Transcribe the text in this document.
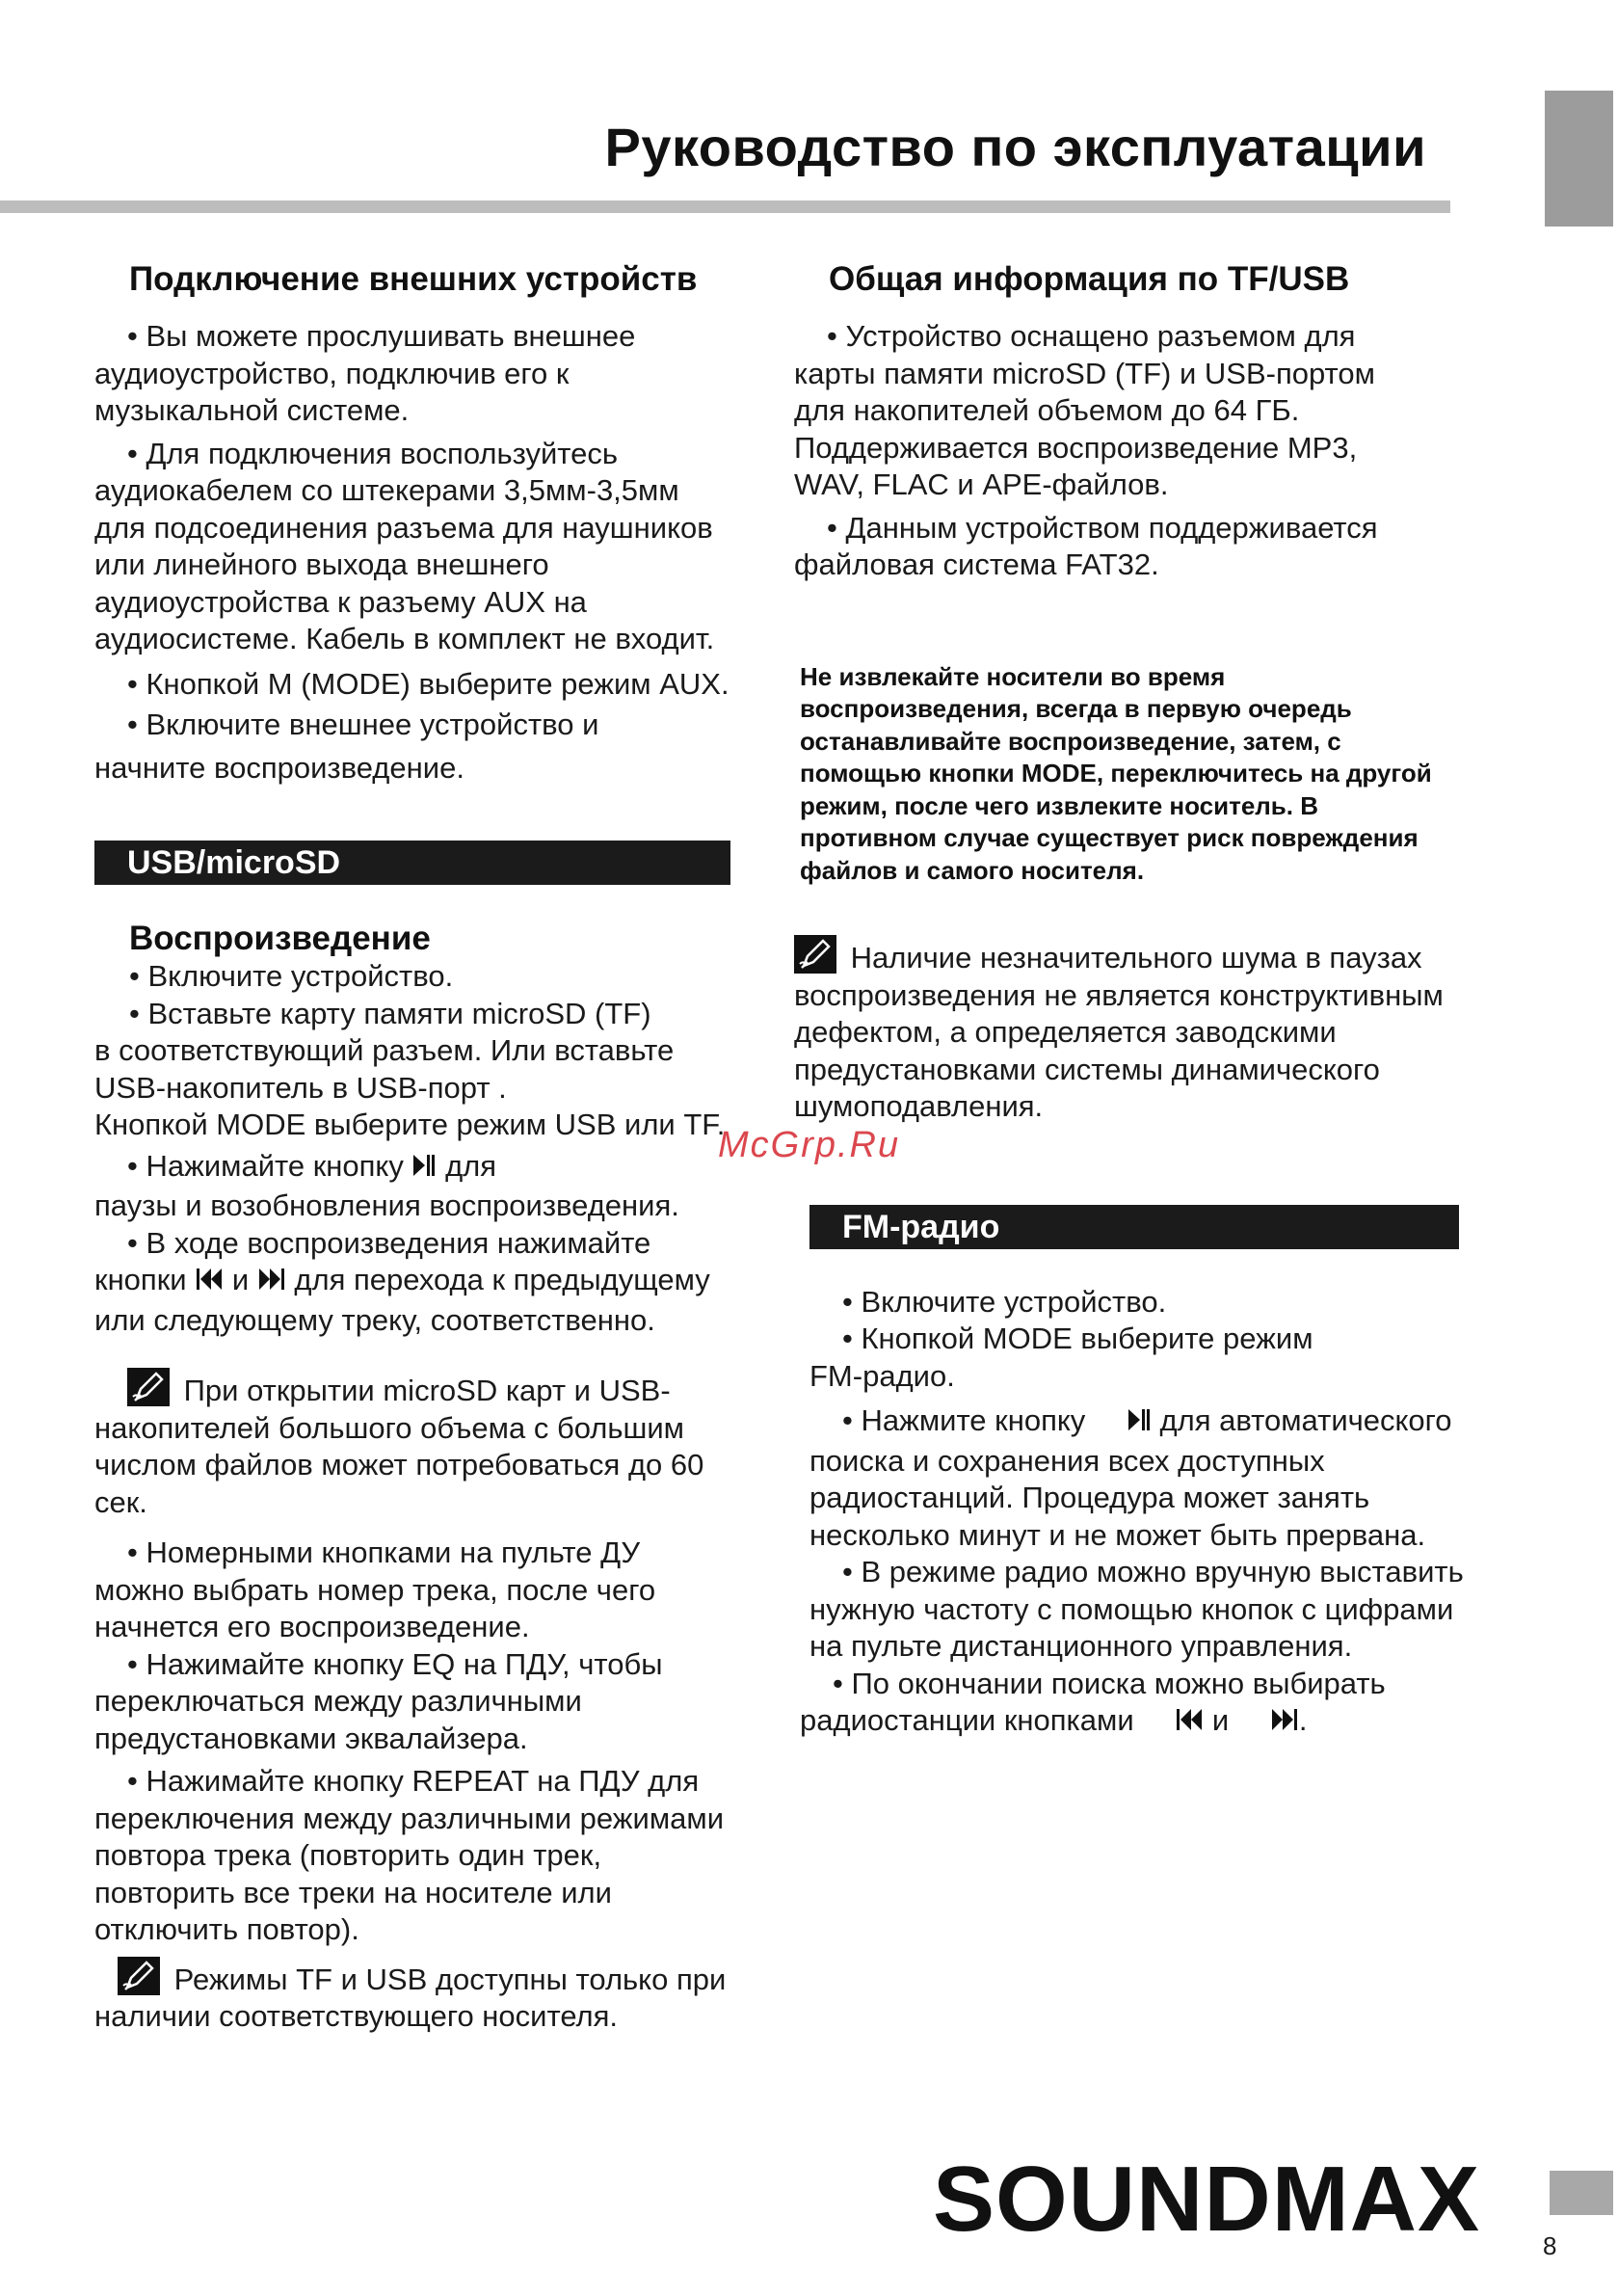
Руководство по эксплуатации
Подключение внешних устройств

• Вы можете прослушивать внешнее аудиоустройство, подключив его к музыкальной системе.

• Для подключения воспользуйтесь аудиокабелем со штекерами 3,5мм-3,5мм для подсоединения разъема для наушников или линейного выхода внешнего аудиоустройства к разъему AUX на аудиосистеме. Кабель в комплект не входит.

• Кнопкой M (MODE) выберите режим AUX.

• Включите внешнее устройство и

начните воспроизведение.

USB/microSD
Воспроизведение

• Включите устройство.

• Вставьте карту памяти microSD (TF)

в соответствующий разъем. Или вставьте USB-накопитель в USB-порт .

Кнопкой MODE выберите режим USB или TF.

• Нажимайте кнопку для

паузы и возобновления воспроизведения.

• В ходе воспроизведения нажимайте

кнопки и для перехода к предыдущему или следующему треку, соответственно.

При открытии microSD карт и USB-накопителей большого объема с большим числом файлов может потребоваться до 60 сек.

• Номерными кнопками на пульте ДУ можно выбрать номер трека, после чего начнется его воспроизведение.

• Нажимайте кнопку EQ на ПДУ, чтобы переключаться между различными предустановками эквалайзера.

• Нажимайте кнопку REPEAT на ПДУ для переключения между различными режимами повтора трека (повторить один трек, повторить все треки на носителе или отключить повтор).

Режимы TF и USB доступны только при наличии соответствующего носителя.

Общая информация по TF/USB

• Устройство оснащено разъемом для карты памяти microSD (TF) и USB-портом для накопителей объемом до 64 ГБ. Поддерживается воспроизведение MP3, WAV, FLAC и APE-файлов.

• Данным устройством поддерживается файловая система FAT32.

Не извлекайте носители во время воспроизведения, всегда в первую очередь останавливайте воспроизведение, затем, с помощью кнопки MODE, переключитесь на другой режим, после чего извлеките носитель. В противном случае существует риск повреждения файлов и самого носителя.

Наличие незначительного шума в паузах воспроизведения не является конструктивным дефектом, а определяется заводскими предустановками системы динамического шумоподавления.

FM-радио

• Включите устройство.

• Кнопкой MODE выберите режим

FM-радио.

• Нажмите кнопку для автоматического поиска и сохранения всех доступных радиостанций. Процедура может занять несколько минут и не может быть прервана.

• В режиме радио можно вручную выставить нужную частоту с помощью кнопок с цифрами на пульте дистанционного управления.

• По окончании поиска можно выбирать радиостанции кнопками	и .

McGrp.Ru
SOUNDMAX 8
